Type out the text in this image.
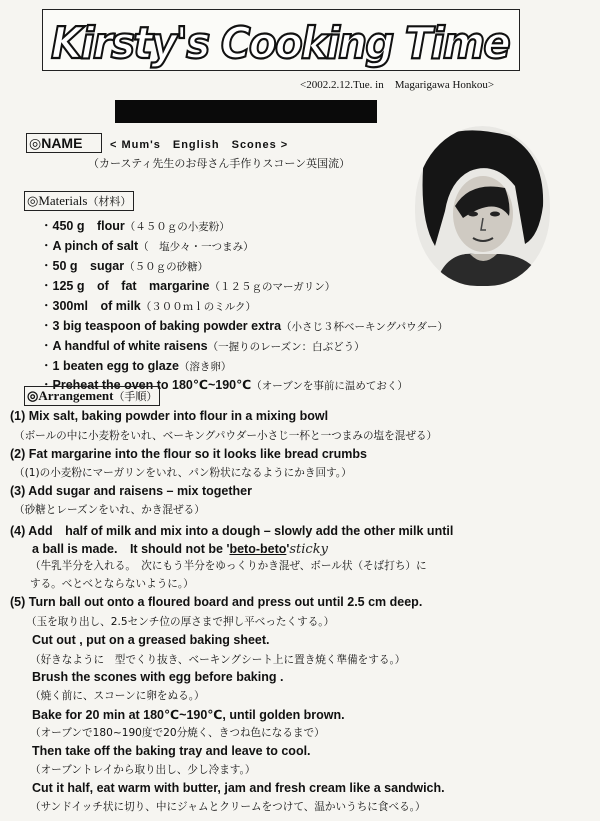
Kirsty's Cooking Time
<2002.2.12.Tue. in　Magarigawa Honkou>
◎NAME	< Mum's　English　Scones >
（カースティ先生のお母さん手作りスコーン英国流）
◎Materials（材料）
・450 g　flour（４５０ｇの小麦粉）
・A pinch of salt（　塩少々・一つまみ）
・50 g　sugar（５０ｇの砂糖）
・125 g　of　fat　margarine（１２５ｇのマーガリン）
・300ml　of milk（３００ｍｌのミルク）
・3 big teaspoon of baking powder extra（小さじ３杯ベーキングパウダー）
・A handful of white raisens（一握りのレーズン：白ぶどう）
・1 beaten egg to glaze（溶き卵）
・Preheat the oven to 180℃~190℃（オーブンを事前に温めておく）
◎Arrangement（手順）
(1) Mix salt, baking powder into flour in a mixing bowl
（ボールの中に小麦粉をいれ、ベーキングパウダー小さじ一杯と一つまみの塩を混ぜる）
(2) Fat margarine into the flour so it looks like bread crumbs
（(1)の小麦粉にマーガリンをいれ、パン粉状になるようにかき回す。）
(3) Add sugar and raisens – mix together
（砂糖とレーズンをいれ、かき混ぜる）
(4) Add　half of milk and mix into a dough – slowly add the other milk until
a ball is made.　It should not be 'beto-beto'sticky
（牛乳半分を入れる。　次にもう半分をゆっくりかき混ぜ、ボール状（そば打ち）に
する。べとべとならないように。）
(5) Turn ball out onto a floured board and press out until 2.5 cm deep.
（玉を取り出し、2.5センチ位の厚さまで押し平べったくする。）
Cut out , put on a greased baking sheet.
（好きなように　型でくり抜き、ベーキングシート上に置き焼く準備をする。）
Brush the scones with egg before baking .
（焼く前に、スコーンに卵をぬる。）
Bake for 20 min at 180℃~190℃, until golden brown.
（オーブンで180~190度で20分焼く、きつね色になるまで）
Then take off the baking tray and leave to cool.
（オーブントレイから取り出し、少し冷ます。）
Cut it half, eat warm with butter, jam and fresh cream like a sandwich.
（サンドイッチ状に切り、中にジャムとクリームをつけて、温かいうちに食べる。）
